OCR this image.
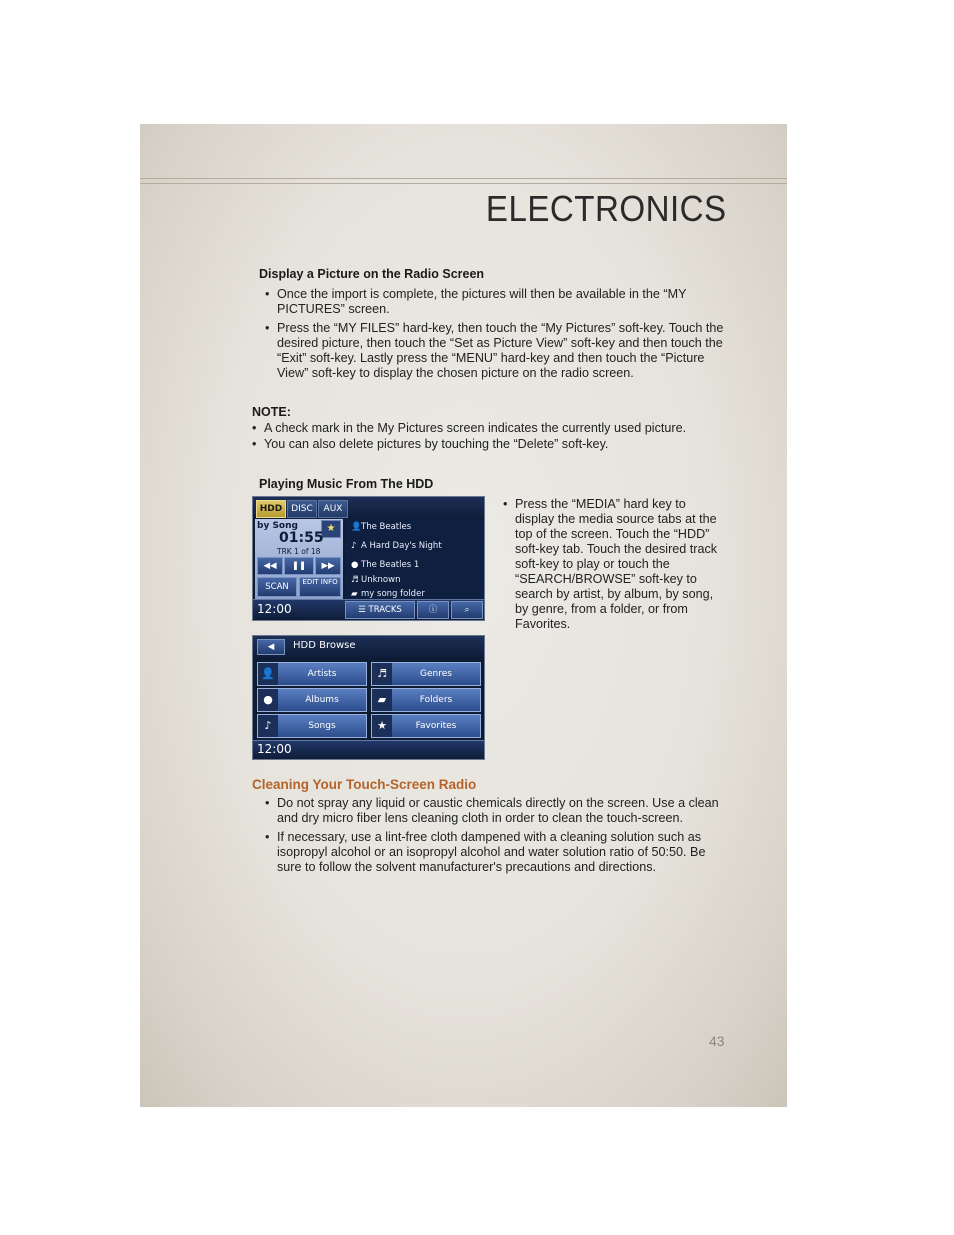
ELECTRONICS
Display a Picture on the Radio Screen
• Once the import is complete, the pictures will then be available in the “MY PICTURES” screen.
• Press the “MY FILES” hard-key, then touch the “My Pictures” soft-key. Touch the desired picture, then touch the “Set as Picture View” soft-key and then touch the “Exit” soft-key. Lastly press the “MENU” hard-key and then touch the “Picture View” soft-key to display the chosen picture on the radio screen.
NOTE:
• A check mark in the My Pictures screen indicates the currently used picture.
• You can also delete pictures by touching the “Delete” soft-key.
Playing Music From The HDD
• Press the “MEDIA” hard key to display the media source tabs at the top of the screen. Touch the “HDD” soft-key tab. Touch the desired track soft-key to play or touch the “SEARCH/BROWSE” soft-key to search by artist, by album, by song, by genre, from a folder, or from Favorites.
HDD DISC	AUX
by Song	★
01:55
TRK 1 of 18
◀◀	❚❚	▶▶
SCAN	EDIT INFO
👤The Beatles
♪ A Hard Day's Night
● The Beatles 1
♬ Unknown
▰ my song folder
12:00	☰ TRACKS	ⓘ	⌕
◀	HDD Browse
👤	Artists	♬	Genres
●	Albums	▰	Folders
♪	Songs	★	Favorites
12:00
Cleaning Your Touch-Screen Radio
• Do not spray any liquid or caustic chemicals directly on the screen. Use a clean and dry micro fiber lens cleaning cloth in order to clean the touch-screen.
• If necessary, use a lint-free cloth dampened with a cleaning solution such as isopropyl alcohol or an isopropyl alcohol and water solution ratio of 50:50. Be sure to follow the solvent manufacturer's precautions and directions.
43
